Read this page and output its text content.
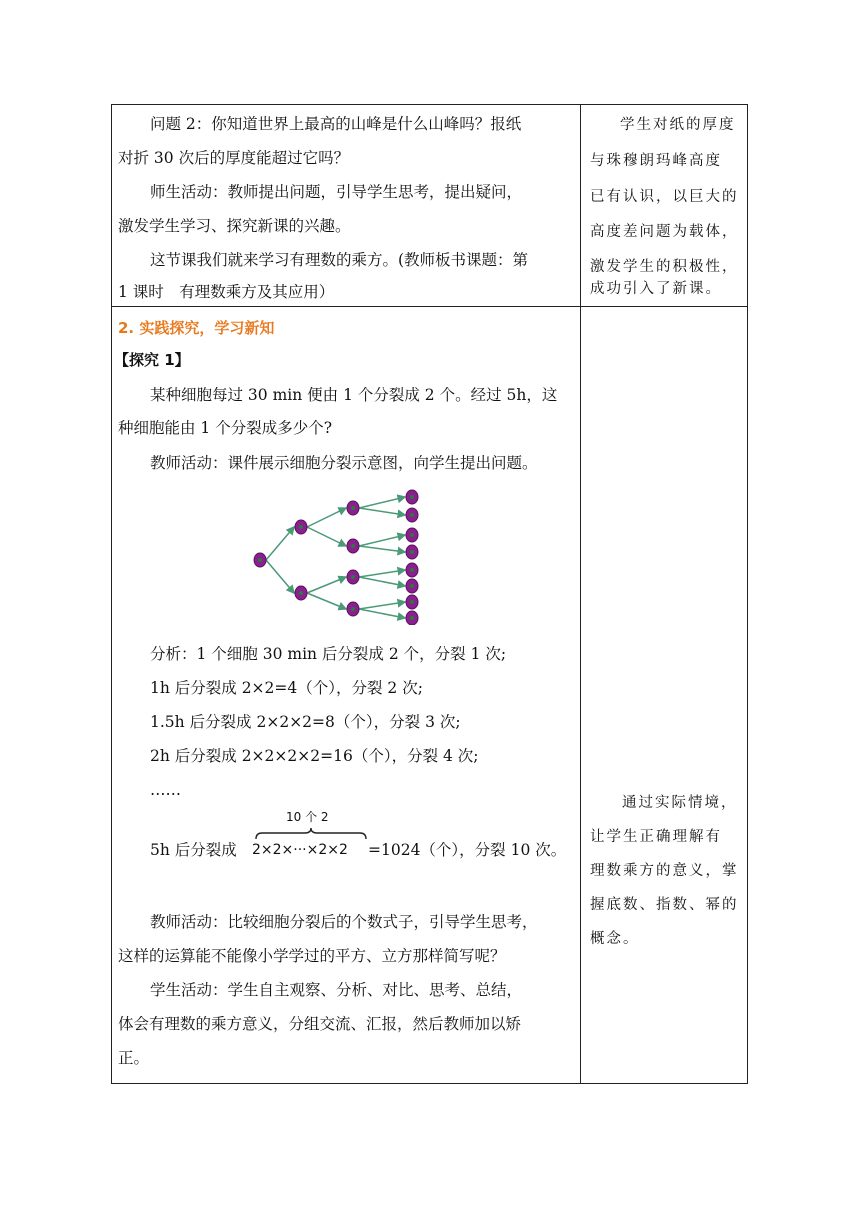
问题 2：你知道世界上最高的山峰是什么山峰吗？报纸
对折 30 次后的厚度能超过它吗？
师生活动：教师提出问题，引导学生思考，提出疑问，
激发学生学习、探究新课的兴趣。
这节课我们就来学习有理数的乘方。(教师板书课题：第
1 课时　有理数乘方及其应用）
学生对纸的厚度
与珠穆朗玛峰高度
已有认识，以巨大的
高度差问题为载体，
激发学生的积极性，
成功引入了新课。
2. 实践探究，学习新知
【探究 1】
某种细胞每过 30 min 便由 1 个分裂成 2 个。经过 5h，这
种细胞能由 1 个分裂成多少个?
教师活动：课件展示细胞分裂示意图，向学生提出问题。
分析：1 个细胞 30 min 后分裂成 2 个，分裂 1 次;
1h 后分裂成 2×2=4（个），分裂 2 次;
1.5h 后分裂成 2×2×2=8（个），分裂 3 次;
2h 后分裂成 2×2×2×2=16（个），分裂 4 次;
……
5h 后分裂成
10 个 2
2×2×···×2×2 =1024（个），分裂 10 次。
教师活动：比较细胞分裂后的个数式子，引导学生思考，
这样的运算能不能像小学学过的平方、立方那样简写呢？
学生活动：学生自主观察、分析、对比、思考、总结，
体会有理数的乘方意义，分组交流、汇报，然后教师加以矫
正。
通过实际情境，
让学生正确理解有
理数乘方的意义，掌
握底数、指数、幂的
概念。
